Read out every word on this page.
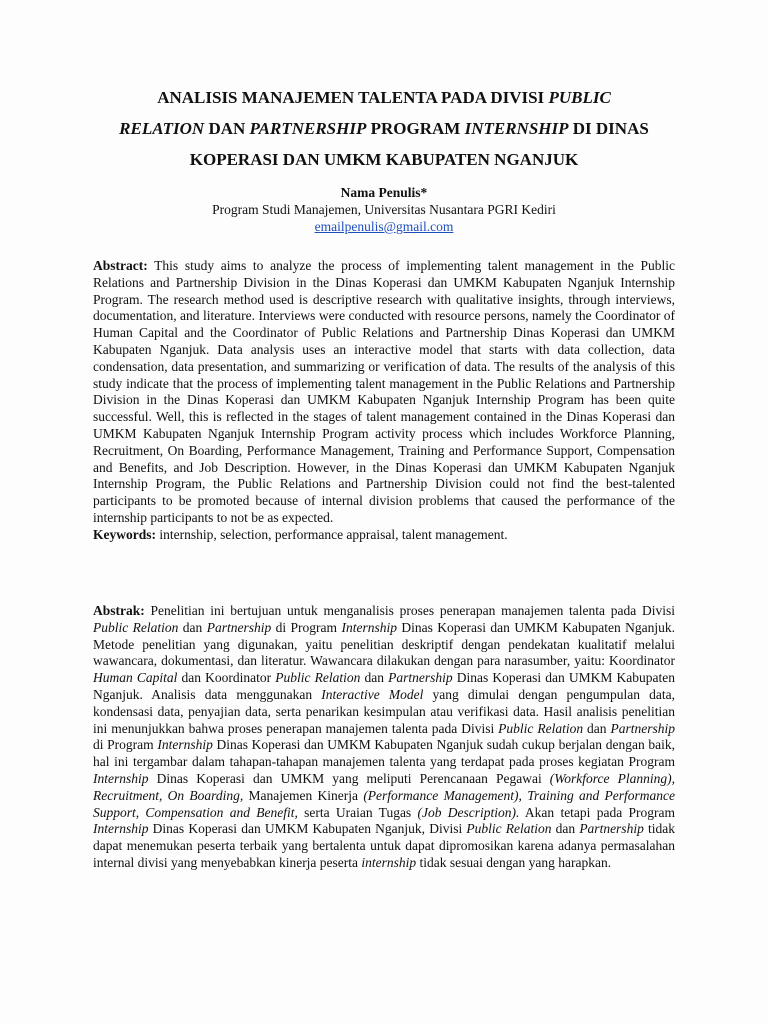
ANALISIS MANAJEMEN TALENTA PADA DIVISI PUBLIC
RELATION DAN PARTNERSHIP PROGRAM INTERNSHIP DI DINAS
KOPERASI DAN UMKM KABUPATEN NGANJUK
Nama Penulis*
Program Studi Manajemen, Universitas Nusantara PGRI Kediri
emailpenulis@gmail.com
Abstract: This study aims to analyze the process of implementing talent management in the Public Relations and Partnership Division in the Dinas Koperasi dan UMKM Kabupaten Nganjuk Internship Program. The research method used is descriptive research with qualitative insights, through interviews, documentation, and literature. Interviews were conducted with resource persons, namely the Coordinator of Human Capital and the Coordinator of Public Relations and Partnership Dinas Koperasi dan UMKM Kabupaten Nganjuk. Data analysis uses an interactive model that starts with data collection, data condensation, data presentation, and summarizing or verification of data. The results of the analysis of this study indicate that the process of implementing talent management in the Public Relations and Partnership Division in the Dinas Koperasi dan UMKM Kabupaten Nganjuk Internship Program has been quite successful. Well, this is reflected in the stages of talent management contained in the Dinas Koperasi dan UMKM Kabupaten Nganjuk Internship Program activity process which includes Workforce Planning, Recruitment, On Boarding, Performance Management, Training and Performance Support, Compensation and Benefits, and Job Description. However, in the Dinas Koperasi dan UMKM Kabupaten Nganjuk Internship Program, the Public Relations and Partnership Division could not find the best-talented participants to be promoted because of internal division problems that caused the performance of the internship participants to not be as expected.
Keywords: internship, selection, performance appraisal, talent management.
Abstrak: Penelitian ini bertujuan untuk menganalisis proses penerapan manajemen talenta pada Divisi Public Relation dan Partnership di Program Internship Dinas Koperasi dan UMKM Kabupaten Nganjuk. Metode penelitian yang digunakan, yaitu penelitian deskriptif dengan pendekatan kualitatif melalui wawancara, dokumentasi, dan literatur. Wawancara dilakukan dengan para narasumber, yaitu: Koordinator Human Capital dan Koordinator Public Relation dan Partnership Dinas Koperasi dan UMKM Kabupaten Nganjuk. Analisis data menggunakan Interactive Model yang dimulai dengan pengumpulan data, kondensasi data, penyajian data, serta penarikan kesimpulan atau verifikasi data. Hasil analisis penelitian ini menunjukkan bahwa proses penerapan manajemen talenta pada Divisi Public Relation dan Partnership di Program Internship Dinas Koperasi dan UMKM Kabupaten Nganjuk sudah cukup berjalan dengan baik, hal ini tergambar dalam tahapan-tahapan manajemen talenta yang terdapat pada proses kegiatan Program Internship Dinas Koperasi dan UMKM yang meliputi Perencanaan Pegawai (Workforce Planning), Recruitment, On Boarding, Manajemen Kinerja (Performance Management), Training and Performance Support, Compensation and Benefit, serta Uraian Tugas (Job Description). Akan tetapi pada Program Internship Dinas Koperasi dan UMKM Kabupaten Nganjuk, Divisi Public Relation dan Partnership tidak dapat menemukan peserta terbaik yang bertalenta untuk dapat dipromosikan karena adanya permasalahan internal divisi yang menyebabkan kinerja peserta internship tidak sesuai dengan yang harapkan.
